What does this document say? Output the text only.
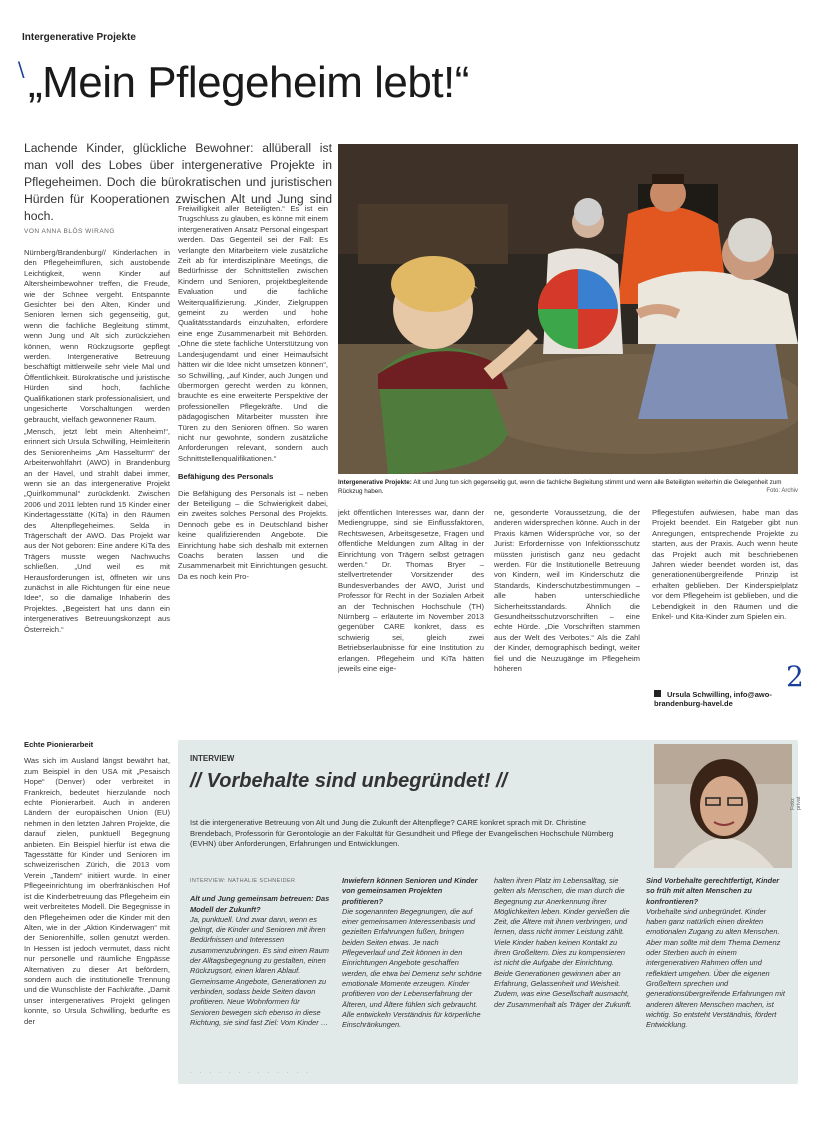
Intergenerative Projekte
∖ „Mein Pflegeheim lebt!“
Lachende Kinder, glückliche Bewohner: allüberall ist man voll des Lobes über intergenerative Projekte in Pflegeheimen. Doch die bürokratischen und juristischen Hürden für Kooperationen zwischen Alt und Jung sind hoch.
VON ANNA BLÖS WIRANG
Intergenerative Projekte: Alt und Jung tun sich gegenseitig gut, wenn die fachliche Begleitung stimmt und wenn alle Beteiligten weiterhin die Gelegenheit zum Rückzug haben.	Foto: Archiv

Nürnberg/Brandenburg// Kinderlachen in den Pflegeheimfluren, sich austobende Leichtigkeit, wenn Kinder auf Altersheimbewohner treffen, die Freude, wie der Schnee vergeht. Entspannte Gesichter bei den Alten, Kinder und Senioren lernen sich gegenseitig, gut, wenn die fachliche Begleitung stimmt, wenn Jung und Alt sich zurückziehen können, wenn Rückzugsorte gepflegt werden. Intergenerative Betreuung beschäftigt mittlerweile sehr viele Mal und Öffentlichkeit. Bürokratische und juristische Hürden sind hoch, fachliche Qualifikationen stark professionalisiert, und ungesicherte Vorschaltungen werden gebraucht, vielfach gewonnener Raum.

„Mensch, jetzt lebt mein Altenheim!“, erinnert sich Ursula Schwilling, Heimleiterin des Seniorenheims „Am Hasselturm“ der Arbeiterwohlfahrt (AWO) in Brandenburg an der Havel, und strahlt dabei immer, wenn sie an das intergenerative Projekt „Quirlkommunal“ zurückdenkt. Zwischen 2006 und 2011 lebten rund 15 Kinder einer Kindertagesstätte (KiTa) in den Räumen des Altenpflegeheimes. Selda in Trägerschaft der AWO. Das Projekt war aus der Not geboren: Eine andere KiTa des Trägers musste wegen Nachwuchs schließen. „Und weil es mit Herausforderungen ist, öffneten wir uns zunächst in alle Richtungen für eine neue Idee“, so die damalige Inhaberin des Projektes. „Begeistert hat uns dann ein intergeneratives Betreuungskonzept aus Österreich.“

Echte Pionierarbeit

Was sich im Ausland längst bewährt hat, zum Beispiel in den USA mit „Pesaisch Hope“ (Denver) oder verbreitet in Frankreich, bedeutet hierzulande noch echte Pionierarbeit. Auch in anderen Ländern der europäischen Union (EU) nehmen in den letzten Jahren Projekte, die darauf zielen, punktuell Begegnung anbieten. Ein Beispiel hierfür ist etwa die Tagesstätte für Kinder und Senioren im schweizerischen Zürich, die 2013 vom Verein „Tandem“ initiiert wurde. In einer Pflegeeinrichtung im oberfränkischen Hof ist die Kinderbetreuung das Pflegeheim ein weit verbreitetes Modell. Die Begegnisse in den Pflegeheimen oder die Kinder mit den Alten, wie in der „Aktion Kinderwagen“ mit der Seniorenhilfe, sollen genutzt werden. In Hessen ist jedoch vermutet, dass nicht nur personelle und räumliche Engpässe Alternativen zu dieser Art befördern, sondern auch die institutionelle Trennung und die Wunschliste der Fachkräfte. „Damit unser intergeneratives Projekt gelingen konnte, so Ursula Schwilling, bedurfte es der

Freiwilligkeit aller Beteiligten.“ Es ist ein Trugschluss zu glauben, es könne mit einem intergenerativen Ansatz Personal eingespart werden. Das Gegenteil sei der Fall: Es verlangte den Mitarbeitern viele zusätzliche Zeit ab für interdisziplinäre Meetings, die Bedürfnisse der Schnittstellen zwischen Kindern und Senioren, projektbegleitende Evaluation und die fachliche Weiterqualifizierung. „Kinder, Zielgruppen gemeint zu werden und hohe Qualitätsstandards einzuhalten, erfordere eine enge Zusammenarbeit mit Behörden. „Ohne die stete fachliche Unterstützung von Landesjugendamt und einer Heimaufsicht hätten wir die Idee nicht umsetzen können“, so Schwilling, „auf Kinder, auch Jungen und übermorgen gerecht werden zu können, brauchte es eine erweiterte Perspektive der professionellen Pflegekräfte. Und die pädagogischen Mitarbeiter mussten ihre Türen zu den Senioren öffnen. So waren nicht nur gewohnte, sondern zusätzliche Anforderungen relevant, sondern auch Schnittstellenqualifikationen.“

Befähigung des Personals

Die Befähigung des Personals ist – neben der Beteiligung – die Schwierigkeit dabei, ein zweites solches Personal des Projekts. Dennoch gebe es in Deutschland bisher keine qualifizierenden Angebote. Die Einrichtung habe sich deshalb mit externen Coachs beraten lassen und die Zusammenarbeit mit Einrichtungen gesucht. Da es noch kein Pro-

jekt öffentlichen Interesses war, dann der Mediengruppe, sind sie Einflussfaktoren, Rechtswesen, Arbeitsgesetze, Fragen und öffentliche Meldungen zum Alltag in der Einrichtung von Trägern selbst getragen werden.“ Dr. Thomas Bryer – stellvertretender Vorsitzender des Bundesverbandes der AWO, Jurist und Professor für Recht in der Sozialen Arbeit an der Technischen Hochschule (TH) Nürnberg – erläuterte im November 2013 gegenüber CARE konkret, dass es schwierig sei, gleich zwei Betriebserlaubnisse für eine Institution zu erlangen. Pflegeheim und KiTa hätten jeweils eine eige-

ne, gesonderte Voraussetzung, die der anderen widersprechen könne. Auch in der Praxis kämen Widersprüche vor, so der Jurist: Erfordernisse von Infektionsschutz müssten juristisch ganz neu gedacht werden. Für die Institutionelle Betreuung von Kindern, weil im Kinderschutz die Standards, Kinderschutzbestimmungen – alle haben unterschiedliche Sicherheitsstandards. Ähnlich die Gesundheitsschutzvorschriften – eine echte Hürde. „Die Vorschriften stammen aus der Welt des Verbotes.“ Als die Zahl der Kinder, demographisch bedingt, weiter fiel und die Neuzugänge im Pflegeheim höheren

Pflegestufen aufwiesen, habe man das Projekt beendet. Ein Ratgeber gibt nun Anregungen, entsprechende Projekte zu starten, aus der Praxis. Auch wenn heute das Projekt auch mit beschriebenen Jahren wieder beendet worden ist, das generationenübergreifende Prinzip ist erhalten geblieben. Der Kinderspielplatz vor dem Pflegeheim ist geblieben, und die Lebendigkeit in den Räumen und die Enkel- und Kita-Kinder zum Spielen ein.

Ursula Schwilling, info@awo-brandenburg-havel.de
2
INTERVIEW
// Vorbehalte sind unbegründet! //
Ist die intergenerative Betreuung von Alt und Jung die Zukunft der Altenpflege? CARE konkret sprach mit Dr. Christine Brendebach, Professorin für Gerontologie an der Fakultät für Gesundheit und Pflege der Evangelischen Hochschule Nürnberg (EVHN) über Anforderungen, Erfahrungen und Entwicklungen.
Foto: privat
INTERVIEW: NATHALIE SCHNEIDER
Alt und Jung gemeinsam betreuen: Das Modell der Zukunft?
Ja, punktuell. Und zwar dann, wenn es gelingt, die Kinder und Senioren mit ihren Bedürfnissen und Interessen zusammenzubringen. Es sind einen Raum der Alltagsbegegnung zu gestalten, einen Rückzugsort, einen klaren Ablauf. Gemeinsame Angebote, Generationen zu verbinden, sodass beide Seiten davon profitieren. Neue Wohnformen für Senioren bewegen sich ebenso in diese Richtung, sie sind fast Ziel: Vom Kinder …
Inwiefern können Senioren und Kinder von gemeinsamen Projekten profitieren?
Die sogenannten Begegnungen, die auf einer gemeinsamen Interessenbasis und gezielten Erfahrungen fußen, bringen beiden Seiten etwas. Je nach Pflegeverlauf und Zeit können in den Einrichtungen Angebote geschaffen werden, die etwa bei Demenz sehr schöne emotionale Momente erzeugen. Kinder profitieren von der Lebenserfahrung der Älteren, und Ältere fühlen sich gebraucht. Alle entwickeln Verständnis für körperliche Einschränkungen.
halten ihren Platz im Lebensalltag, sie gelten als Menschen, die man durch die Begegnung zur Anerkennung ihrer Möglichkeiten leben. Kinder genießen die Zeit, die Ältere mit ihnen verbringen, und lernen, dass nicht immer Leistung zählt. Viele Kinder haben keinen Kontakt zu ihren Großeltern. Dies zu kompensieren ist nicht die Aufgabe der Einrichtung. Beide Generationen gewinnen aber an Erfahrung, Gelassenheit und Weisheit. Zudem, was eine Gesellschaft ausmacht, der Zusammenhalt als Träger der Zukunft.
Sind Vorbehalte gerechtfertigt, Kinder so früh mit alten Menschen zu konfrontieren?
Vorbehalte sind unbegründet. Kinder haben ganz natürlich einen direkten emotionalen Zugang zu alten Menschen. Aber man sollte mit dem Thema Demenz oder Sterben auch in einem intergenerativen Rahmen offen und reflektiert umgehen. Über die eigenen Großeltern sprechen und generationsübergreifende Erfahrungen mit anderen älteren Menschen machen, ist wichtig. So entsteht Verständnis, fördert Entwicklung.
· · · · · · · · · · · · ·
